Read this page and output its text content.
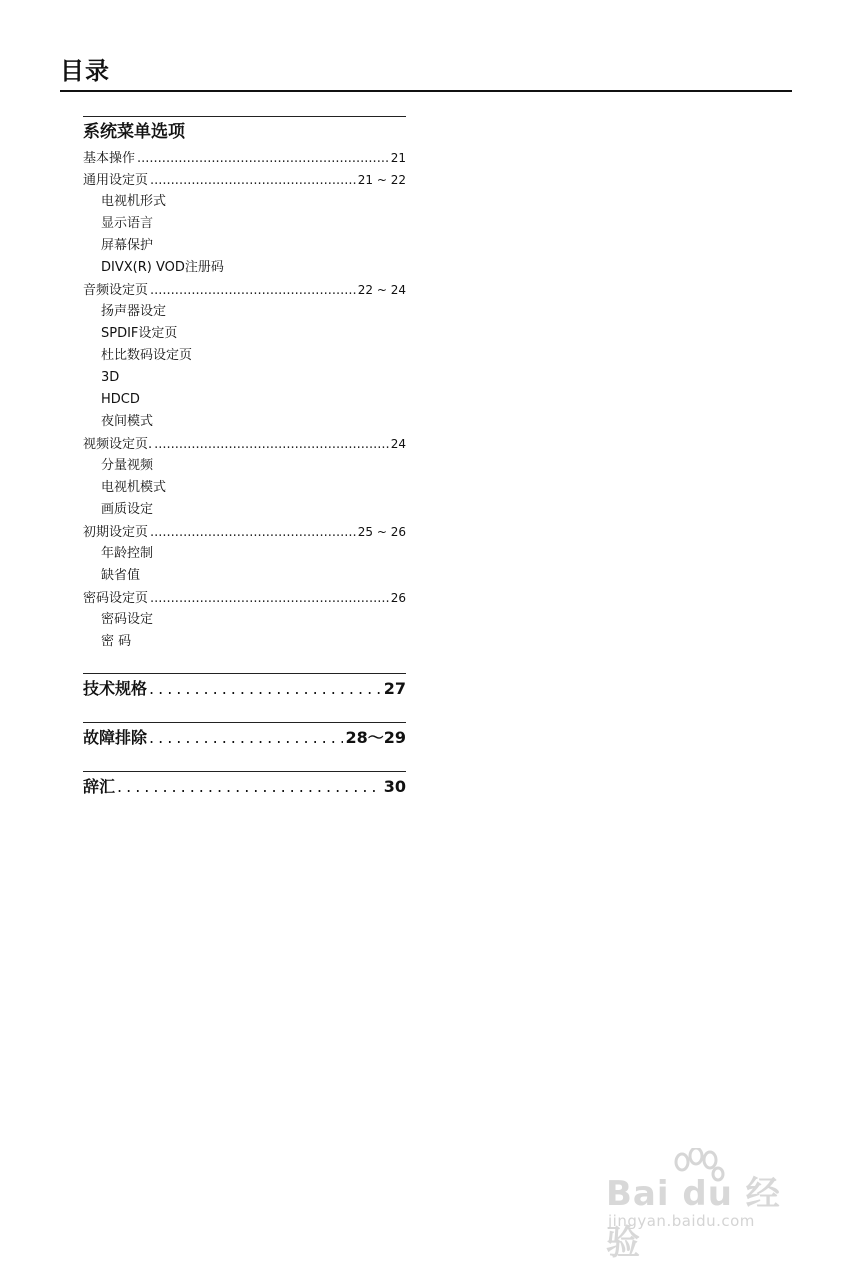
目录
系统菜单选项
基本操作 .....	21
通用设定页 .....	21 ~ 22
电视机形式
显示语言
屏幕保护
DIVX(R) VOD注册码
音频设定页 .....	22 ~ 24
扬声器设定
SPDIF设定页
杜比数码设定页
3D
HDCD
夜间模式
视频设定页. .....	24
分量视频
电视机模式
画质设定
初期设定页 .....	25 ~ 26
年龄控制
缺省值
密码设定页 .....	26
密码设定
密 码
技术规格 .....	27
故障排除 .....	28～29
辞汇 .....	30
Bai du 经验
jingyan.baidu.com
